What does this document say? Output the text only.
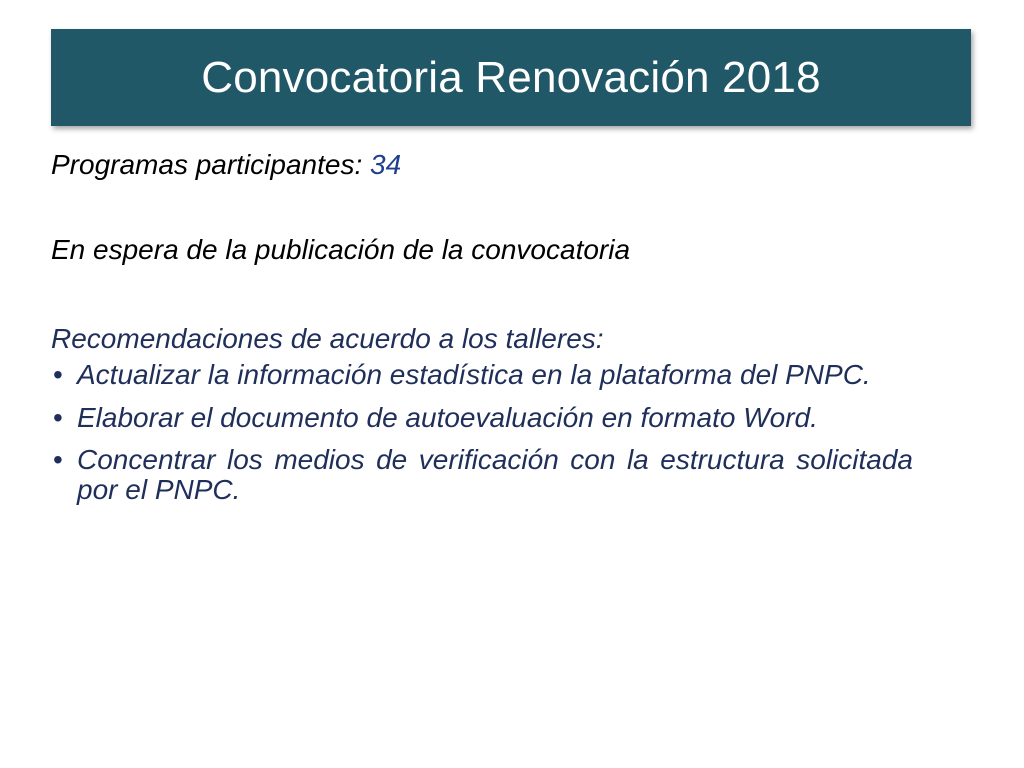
Convocatoria Renovación 2018

Programas participantes: 34

En espera de la publicación de la convocatoria

Recomendaciones de acuerdo a los talleres:

• Actualizar la información estadística en la plataforma del PNPC.
• Elaborar el documento de autoevaluación en formato Word.
• Concentrar los medios de verificación con la estructura solicitada por el PNPC.
